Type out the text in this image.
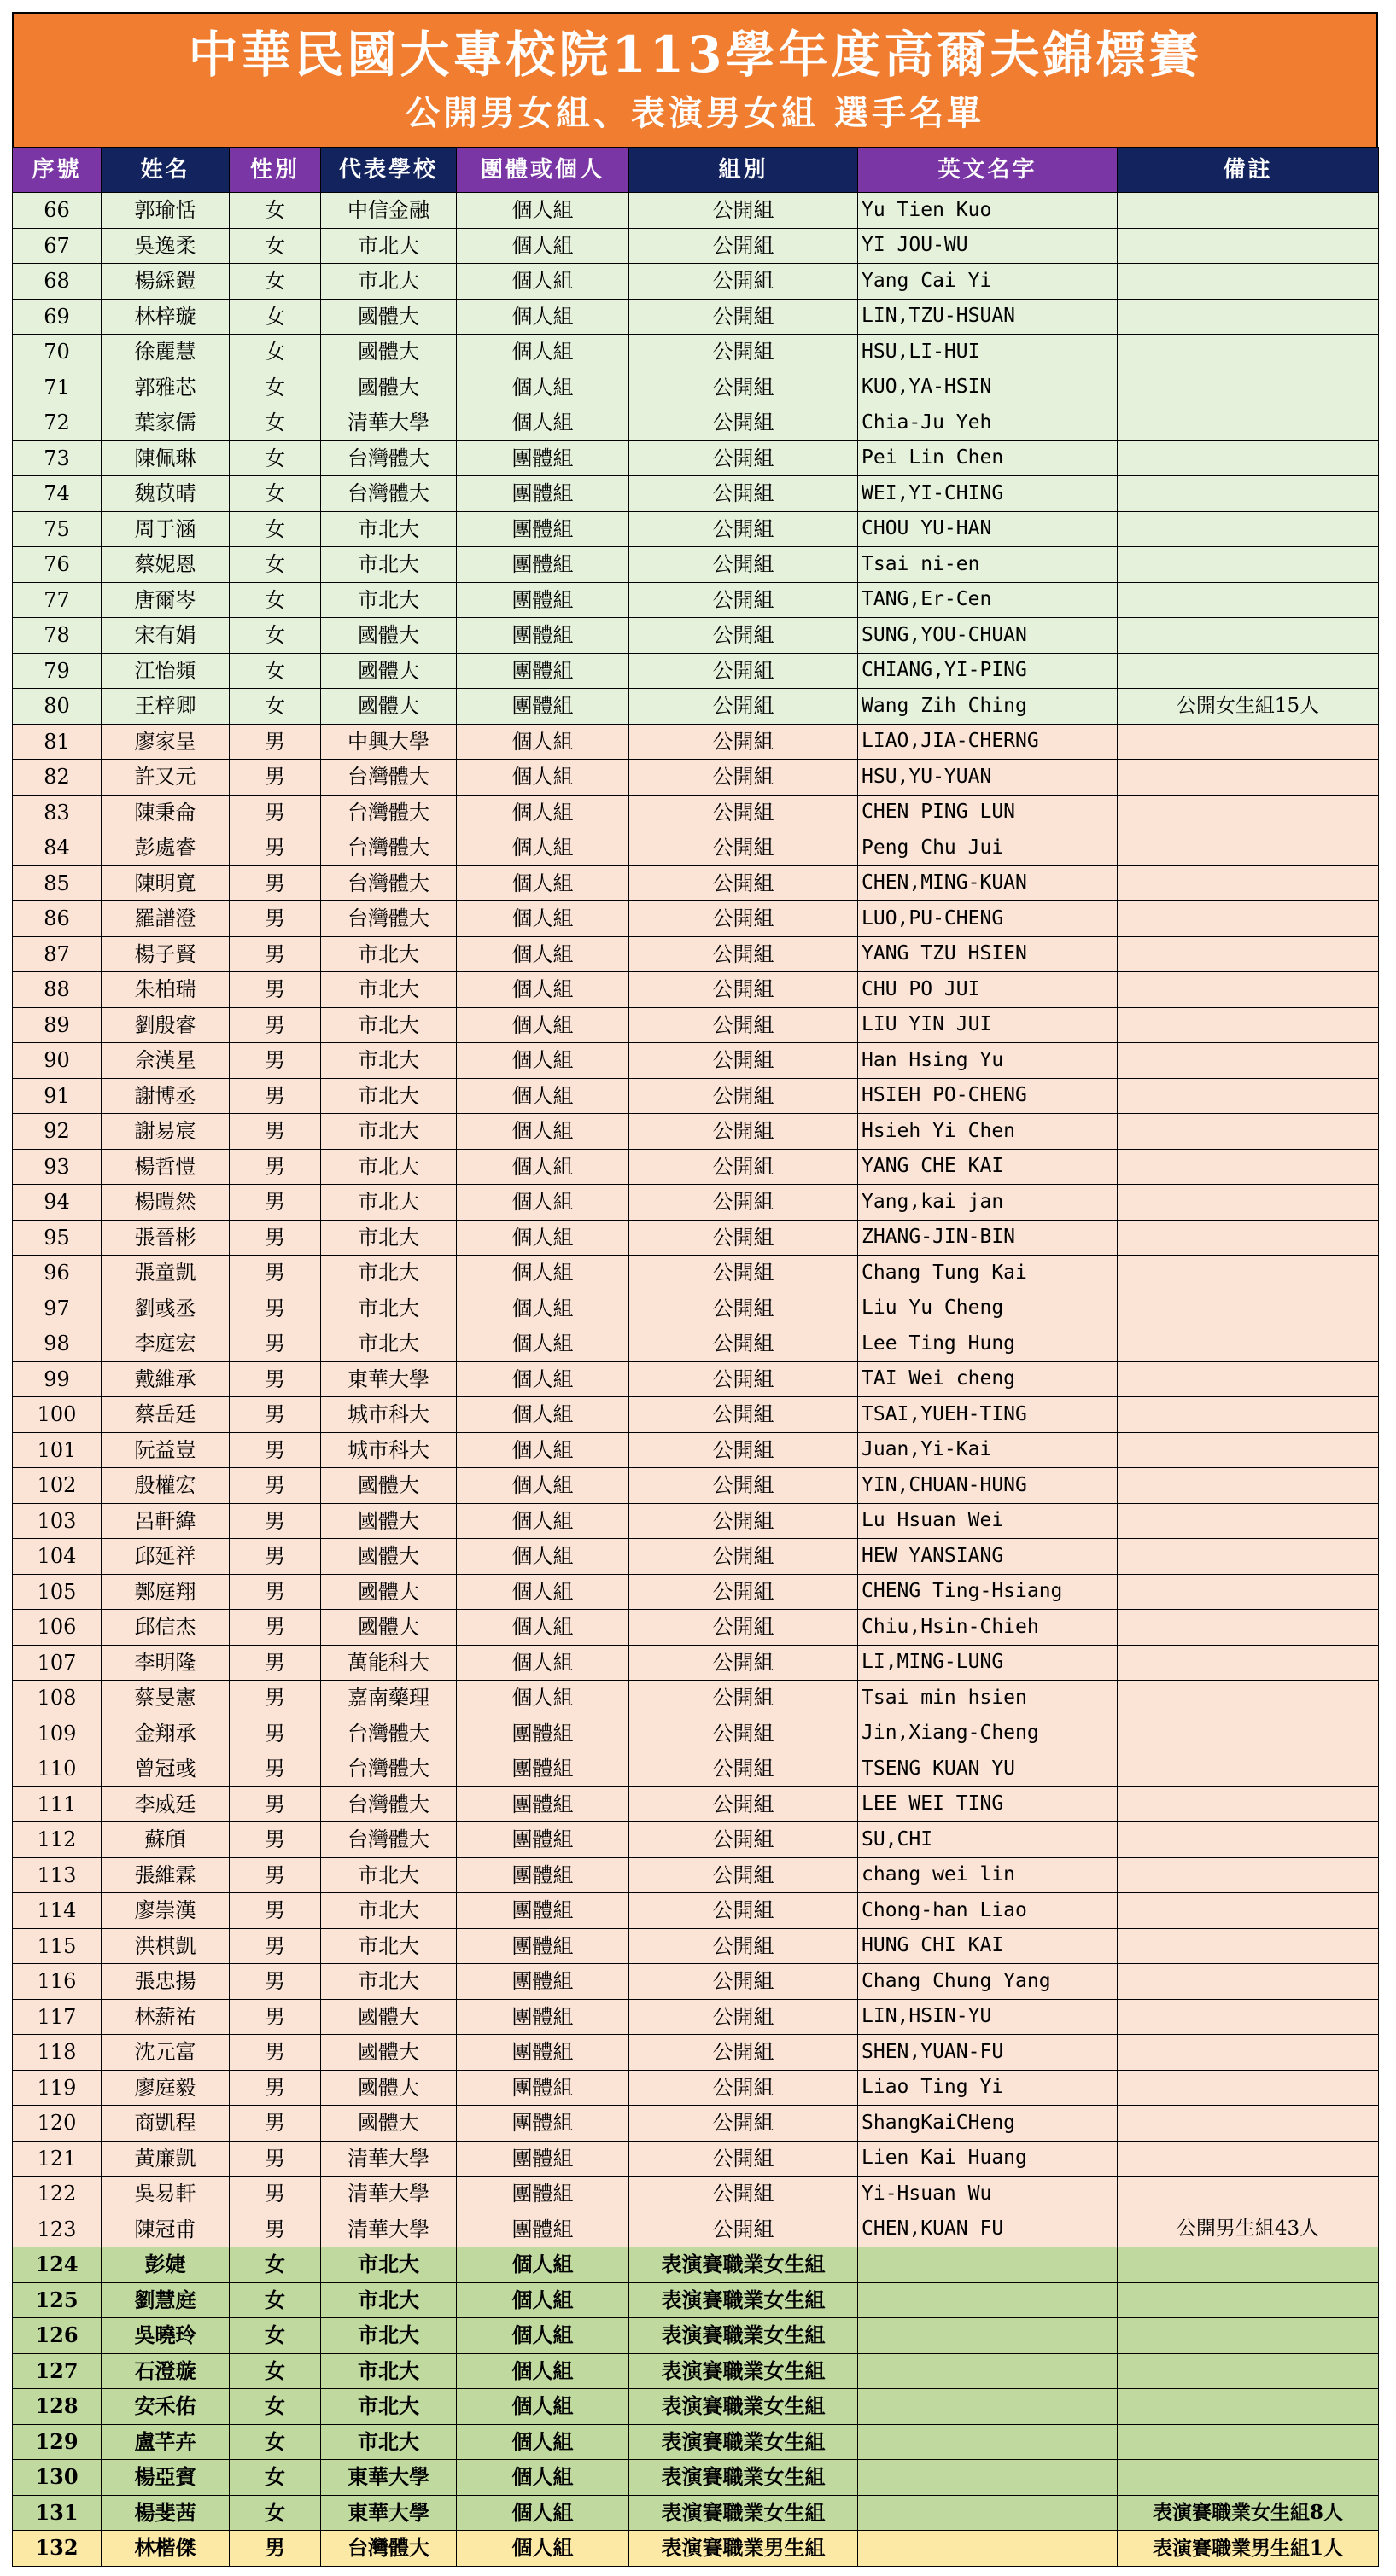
中華民國大專校院113學年度高爾夫錦標賽
公開男女組、表演男女組 選手名單
序號	姓名	性別	代表學校	團體或個人	組別	英文名字	備註
66	郭瑜恬	女	中信金融	個人組	公開組	Yu Tien Kuo	
67	吳逸柔	女	市北大	個人組	公開組	YI JOU-WU	
68	楊綵鎧	女	市北大	個人組	公開組	Yang Cai Yi	
69	林梓璇	女	國體大	個人組	公開組	LIN,TZU-HSUAN	
70	徐麗慧	女	國體大	個人組	公開組	HSU,LI-HUI	
71	郭雅芯	女	國體大	個人組	公開組	KUO,YA-HSIN	
72	葉家儒	女	清華大學	個人組	公開組	Chia-Ju Yeh	
73	陳佩琳	女	台灣體大	團體組	公開組	Pei Lin Chen	
74	魏苡晴	女	台灣體大	團體組	公開組	WEI,YI-CHING	
75	周于涵	女	市北大	團體組	公開組	CHOU YU-HAN	
76	蔡妮恩	女	市北大	團體組	公開組	Tsai ni-en	
77	唐爾岑	女	市北大	團體組	公開組	TANG,Er-Cen	
78	宋有娟	女	國體大	團體組	公開組	SUNG,YOU-CHUAN	
79	江怡頻	女	國體大	團體組	公開組	CHIANG,YI-PING	
80	王梓卿	女	國體大	團體組	公開組	Wang Zih Ching	公開女生組15人
81	廖家呈	男	中興大學	個人組	公開組	LIAO,JIA-CHERNG	
82	許又元	男	台灣體大	個人組	公開組	HSU,YU-YUAN	
83	陳秉侖	男	台灣體大	個人組	公開組	CHEN PING LUN	
84	彭處睿	男	台灣體大	個人組	公開組	Peng Chu Jui	
85	陳明寬	男	台灣體大	個人組	公開組	CHEN,MING-KUAN	
86	羅譜澄	男	台灣體大	個人組	公開組	LUO,PU-CHENG	
87	楊子賢	男	市北大	個人組	公開組	YANG TZU HSIEN	
88	朱柏瑞	男	市北大	個人組	公開組	CHU PO JUI	
89	劉殷睿	男	市北大	個人組	公開組	LIU YIN JUI	
90	佘漢星	男	市北大	個人組	公開組	Han Hsing Yu	
91	謝博丞	男	市北大	個人組	公開組	HSIEH PO-CHENG	
92	謝易宸	男	市北大	個人組	公開組	Hsieh Yi Chen	
93	楊哲愷	男	市北大	個人組	公開組	YANG CHE KAI	
94	楊暟然	男	市北大	個人組	公開組	Yang,kai jan	
95	張晉彬	男	市北大	個人組	公開組	ZHANG-JIN-BIN	
96	張童凱	男	市北大	個人組	公開組	Chang Tung Kai	
97	劉彧丞	男	市北大	個人組	公開組	Liu Yu Cheng	
98	李庭宏	男	市北大	個人組	公開組	Lee Ting Hung	
99	戴維承	男	東華大學	個人組	公開組	TAI Wei cheng	
100	蔡岳廷	男	城市科大	個人組	公開組	TSAI,YUEH-TING	
101	阮益豈	男	城市科大	個人組	公開組	Juan,Yi-Kai	
102	殷權宏	男	國體大	個人組	公開組	YIN,CHUAN-HUNG	
103	呂軒緯	男	國體大	個人組	公開組	Lu Hsuan Wei	
104	邱延祥	男	國體大	個人組	公開組	HEW YANSIANG	
105	鄭庭翔	男	國體大	個人組	公開組	CHENG Ting-Hsiang	
106	邱信杰	男	國體大	個人組	公開組	Chiu,Hsin-Chieh	
107	李明隆	男	萬能科大	個人組	公開組	LI,MING-LUNG	
108	蔡旻憲	男	嘉南藥理	個人組	公開組	Tsai min hsien	
109	金翔承	男	台灣體大	團體組	公開組	Jin,Xiang-Cheng	
110	曾冠彧	男	台灣體大	團體組	公開組	TSENG KUAN YU	
111	李威廷	男	台灣體大	團體組	公開組	LEE WEI TING	
112	蘇頎	男	台灣體大	團體組	公開組	SU,CHI	
113	張維霖	男	市北大	團體組	公開組	chang wei lin	
114	廖崇漢	男	市北大	團體組	公開組	Chong-han Liao	
115	洪棋凱	男	市北大	團體組	公開組	HUNG CHI KAI	
116	張忠揚	男	市北大	團體組	公開組	Chang Chung Yang	
117	林薪祐	男	國體大	團體組	公開組	LIN,HSIN-YU	
118	沈元富	男	國體大	團體組	公開組	SHEN,YUAN-FU	
119	廖庭毅	男	國體大	團體組	公開組	Liao Ting Yi	
120	商凱程	男	國體大	團體組	公開組	ShangKaiCHeng	
121	黃廉凱	男	清華大學	團體組	公開組	Lien Kai Huang	
122	吳易軒	男	清華大學	團體組	公開組	Yi-Hsuan Wu	
123	陳冠甫	男	清華大學	團體組	公開組	CHEN,KUAN FU	公開男生組43人
124	彭婕	女	市北大	個人組	表演賽職業女生組		
125	劉慧庭	女	市北大	個人組	表演賽職業女生組		
126	吳曉玲	女	市北大	個人組	表演賽職業女生組		
127	石澄璇	女	市北大	個人組	表演賽職業女生組		
128	安禾佑	女	市北大	個人組	表演賽職業女生組		
129	盧芊卉	女	市北大	個人組	表演賽職業女生組		
130	楊亞賓	女	東華大學	個人組	表演賽職業女生組		
131	楊斐茜	女	東華大學	個人組	表演賽職業女生組		表演賽職業女生組8人
132	林楷傑	男	台灣體大	個人組	表演賽職業男生組		表演賽職業男生組1人
